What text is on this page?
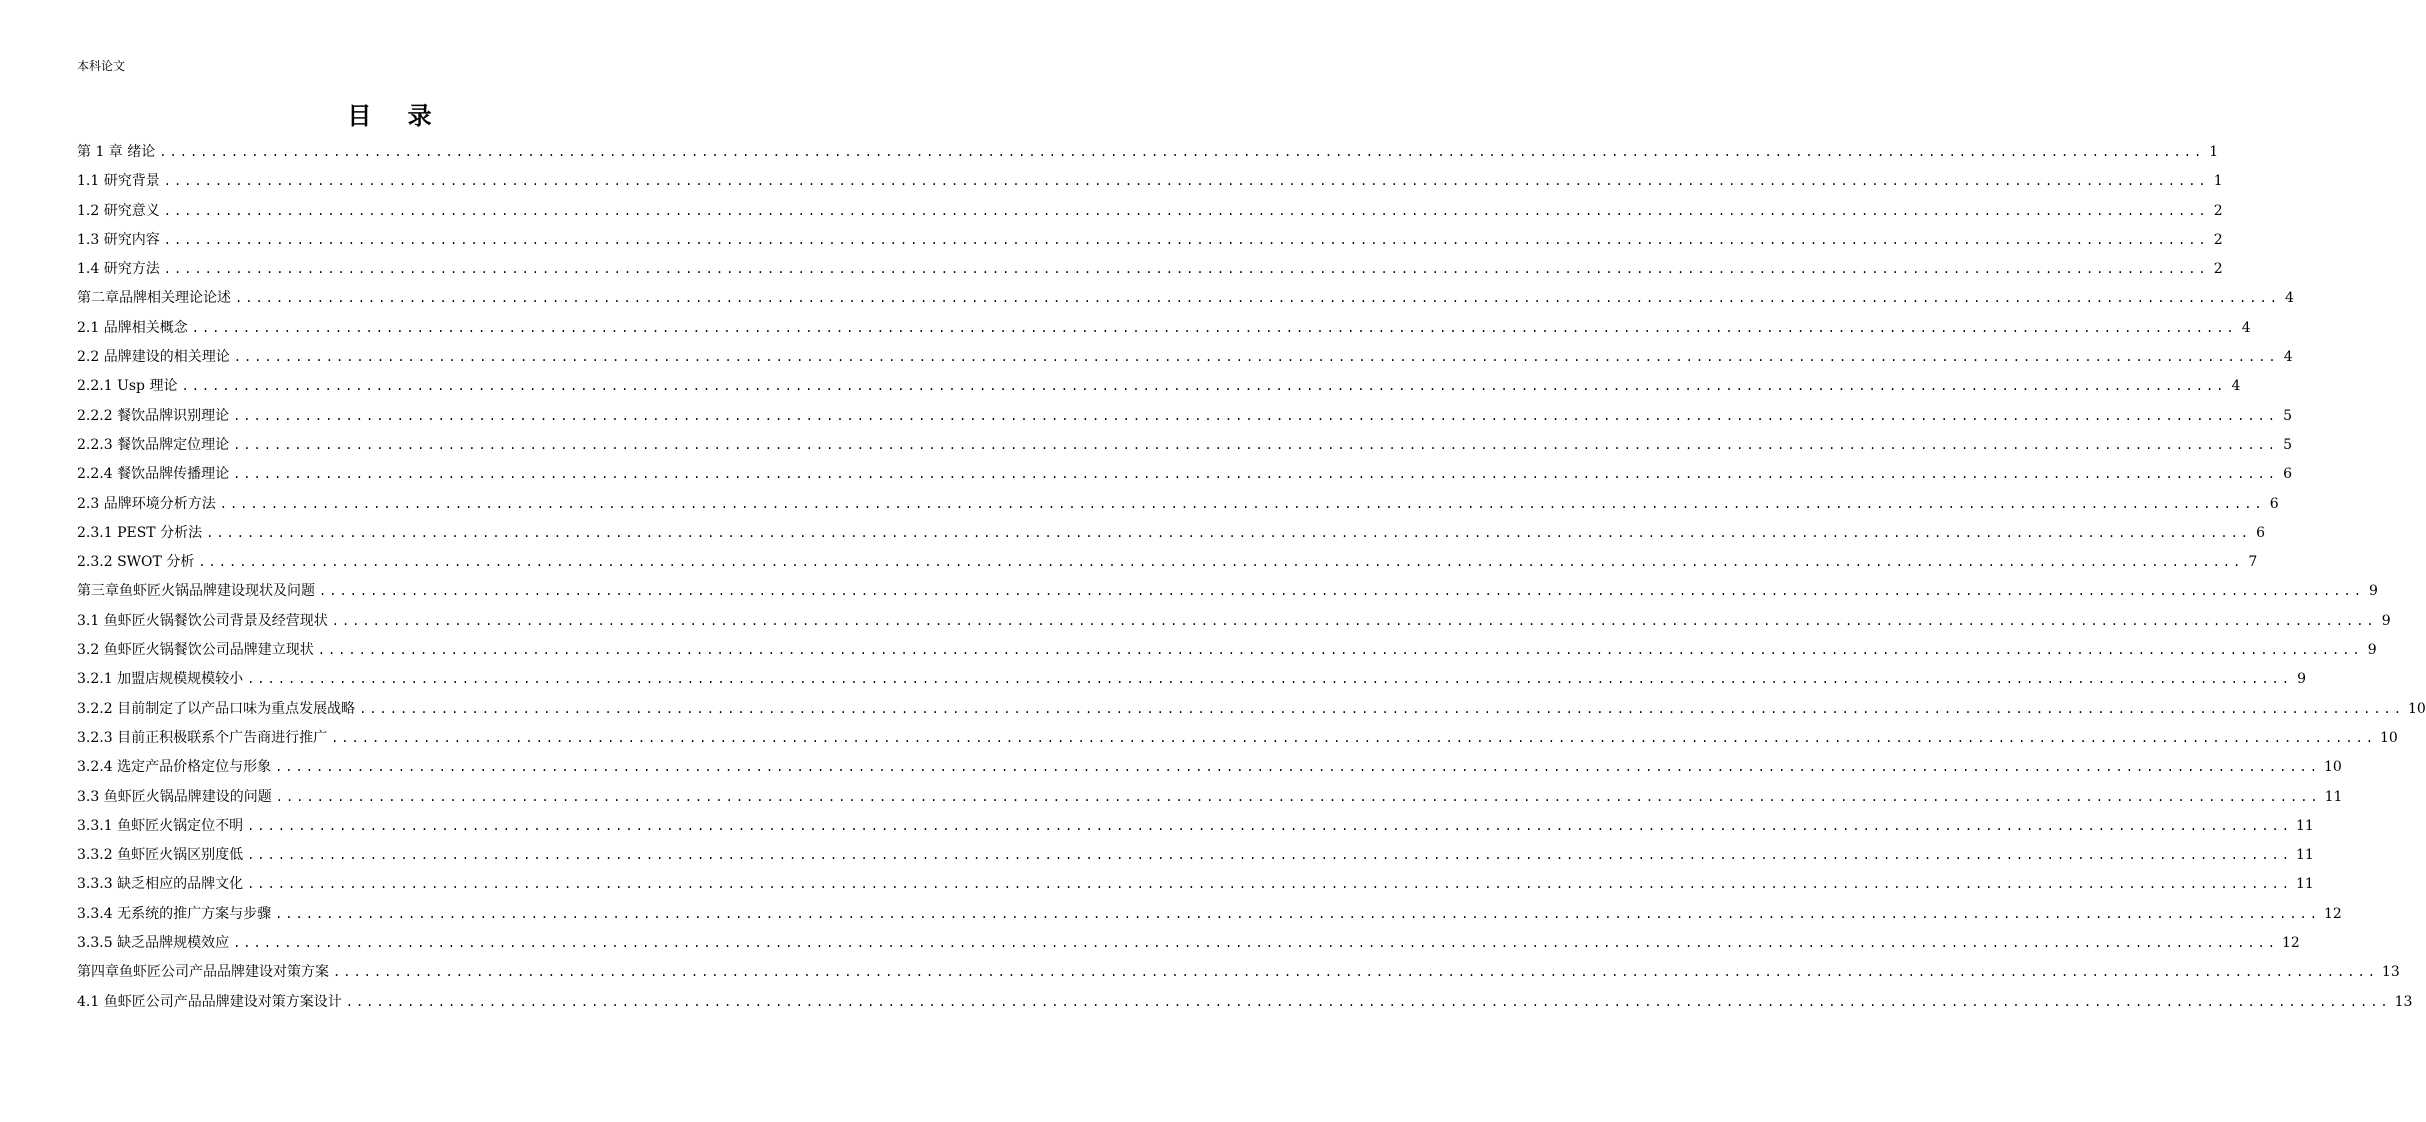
本科论文
目 录
第 1 章 绪论 ........................................................................................................................................................................................................ 1
1.1 研究背景 ........................................................................................................................................................................................................ 1
1.2 研究意义 ........................................................................................................................................................................................................ 2
1.3 研究内容 ........................................................................................................................................................................................................ 2
1.4 研究方法 ........................................................................................................................................................................................................ 2
第二章品牌相关理论论述 ........................................................................................................................................................................................................ 4
2.1 品牌相关概念 ........................................................................................................................................................................................................ 4
2.2 品牌建设的相关理论 ........................................................................................................................................................................................................ 4
2.2.1 Usp 理论 ........................................................................................................................................................................................................ 4
2.2.2 餐饮品牌识别理论 ........................................................................................................................................................................................................ 5
2.2.3 餐饮品牌定位理论 ........................................................................................................................................................................................................ 5
2.2.4 餐饮品牌传播理论 ........................................................................................................................................................................................................ 6
2.3 品牌环境分析方法 ........................................................................................................................................................................................................ 6
2.3.1 PEST 分析法 ........................................................................................................................................................................................................ 6
2.3.2 SWOT 分析 ........................................................................................................................................................................................................ 7
第三章鱼虾匠火锅品牌建设现状及问题 ........................................................................................................................................................................................................ 9
3.1 鱼虾匠火锅餐饮公司背景及经营现状 ........................................................................................................................................................................................................ 9
3.2 鱼虾匠火锅餐饮公司品牌建立现状 ........................................................................................................................................................................................................ 9
3.2.1 加盟店规模规模较小 ........................................................................................................................................................................................................ 9
3.2.2 目前制定了以产品口味为重点发展战略 ........................................................................................................................................................................................................ 10
3.2.3 目前正积极联系个广告商进行推广 ........................................................................................................................................................................................................ 10
3.2.4 选定产品价格定位与形象 ........................................................................................................................................................................................................ 10
3.3 鱼虾匠火锅品牌建设的问题 ........................................................................................................................................................................................................ 11
3.3.1 鱼虾匠火锅定位不明 ........................................................................................................................................................................................................ 11
3.3.2 鱼虾匠火锅区别度低 ........................................................................................................................................................................................................ 11
3.3.3 缺乏相应的品牌文化 ........................................................................................................................................................................................................ 11
3.3.4 无系统的推广方案与步骤 ........................................................................................................................................................................................................ 12
3.3.5 缺乏品牌规模效应 ........................................................................................................................................................................................................ 12
第四章鱼虾匠公司产品品牌建设对策方案 ........................................................................................................................................................................................................ 13
4.1 鱼虾匠公司产品品牌建设对策方案设计 ........................................................................................................................................................................................................ 13
